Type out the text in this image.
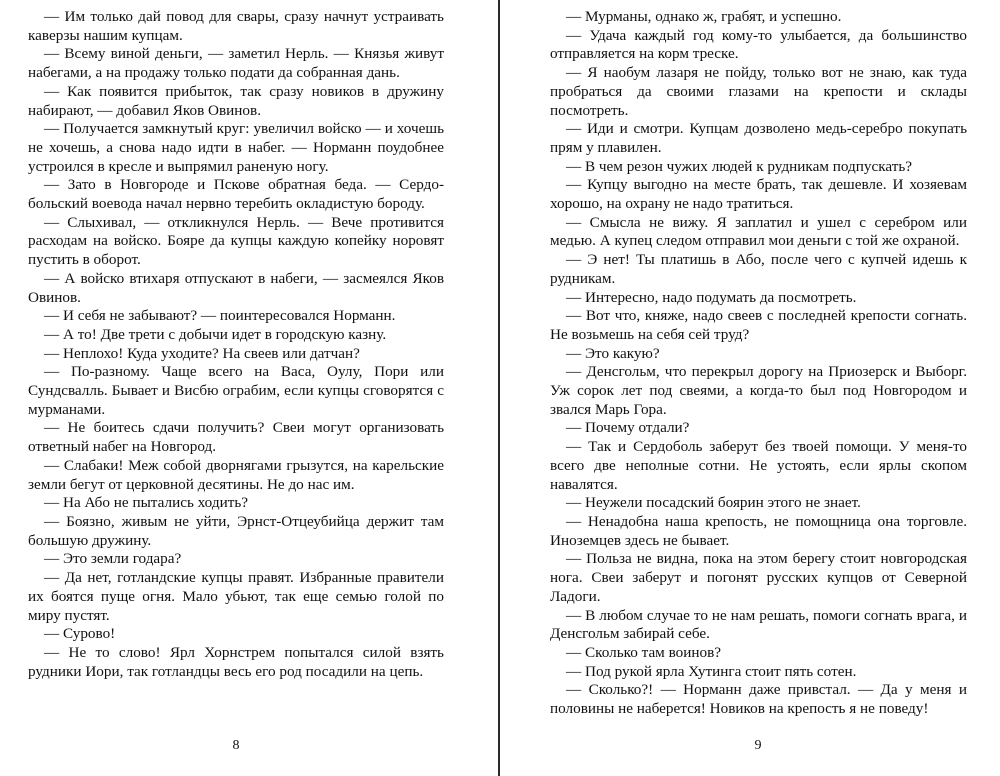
— Им только дай повод для свары, сразу начнут устраивать каверзы нашим купцам.

— Всему виной деньги, — заметил Нерль. — Князья живут набегами, а на продажу только подати да собранная дань.

— Как появится прибыток, так сразу новиков в дружину набирают, — добавил Яков Овинов.

— Получается замкнутый круг: увеличил войско — и хочешь не хочешь, а снова надо идти в набег. — Норманн поудобнее устроился в кресле и выпрямил раненую ногу.

— Зато в Новгороде и Пскове обратная беда. — Сердобольский воевода начал нервно теребить окладистую бороду.

— Слыхивал, — откликнулся Нерль. — Вече противится расходам на войско. Бояре да купцы каждую копейку норовят пустить в оборот.

— А войско втихаря отпускают в набеги, — засмеялся Яков Овинов.

— И себя не забывают? — поинтересовался Норманн.

— А то! Две трети с добычи идет в городскую казну.

— Неплохо! Куда уходите? На свеев или датчан?

— По-разному. Чаще всего на Васа, Оулу, Пори или Сундсвалль. Бывает и Висбю ограбим, если купцы сговорятся с мурманами.

— Не боитесь сдачи получить? Свеи могут организовать ответный набег на Новгород.

— Слабаки! Меж собой дворнягами грызутся, на карельские земли бегут от церковной десятины. Не до нас им.

— На Або не пытались ходить?

— Боязно, живым не уйти, Эрнст-Отцеубийца держит там большую дружину.

— Это земли годара?

— Да нет, готландские купцы правят. Избранные правители их боятся пуще огня. Мало убьют, так еще семью голой по миру пустят.

— Сурово!

— Не то слово! Ярл Хорнстрем попытался силой взять рудники Иори, так готландцы весь его род посадили на цепь.

8

— Мурманы, однако ж, грабят, и успешно.

— Удача каждый год кому-то улыбается, да большинство отправляется на корм треске.

— Я наобум лазаря не пойду, только вот не знаю, как туда пробраться да своими глазами на крепости и склады посмотреть.

— Иди и смотри. Купцам дозволено медь-серебро покупать прям у плавилен.

— В чем резон чужих людей к рудникам подпускать?

— Купцу выгодно на месте брать, так дешевле. И хозяевам хорошо, на охрану не надо тратиться.

— Смысла не вижу. Я заплатил и ушел с серебром или медью. А купец следом отправил мои деньги с той же охраной.

— Э нет! Ты платишь в Або, после чего с купчей идешь к рудникам.

— Интересно, надо подумать да посмотреть.

— Вот что, княже, надо свеев с последней крепости согнать. Не возьмешь на себя сей труд?

— Это какую?

— Денсгольм, что перекрыл дорогу на Приозерск и Выборг. Уж сорок лет под свеями, а когда-то был под Новгородом и звался Марь Гора.

— Почему отдали?

— Так и Сердоболь заберут без твоей помощи. У меня-то всего две неполные сотни. Не устоять, если ярлы скопом навалятся.

— Неужели посадский боярин этого не знает.

— Ненадобна наша крепость, не помощница она торговле. Иноземцев здесь не бывает.

— Польза не видна, пока на этом берегу стоит новгородская нога. Свеи заберут и погонят русских купцов от Северной Ладоги.

— В любом случае то не нам решать, помоги согнать врага, и Денсгольм забирай себе.

— Сколько там воинов?

— Под рукой ярла Хутинга стоит пять сотен.

— Сколько?! — Норманн даже привстал. — Да у меня и половины не наберется! Новиков на крепость я не поведу!

9
